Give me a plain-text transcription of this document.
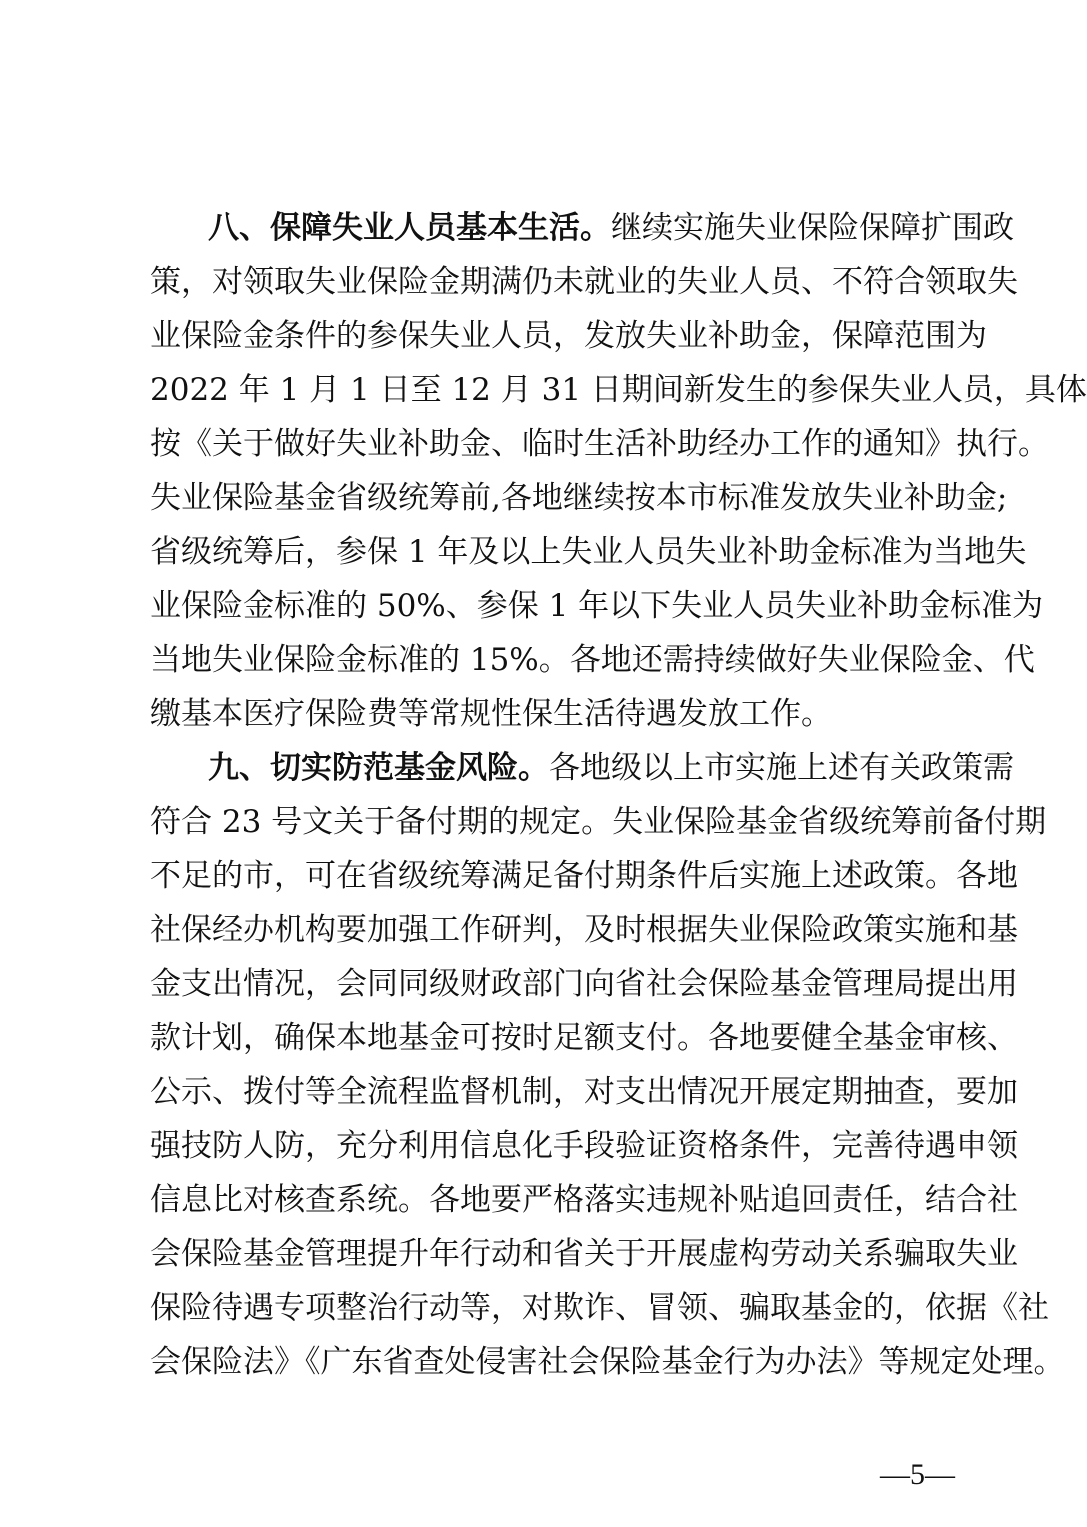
八、保障失业人员基本生活。继续实施失业保险保障扩围政
策，对领取失业保险金期满仍未就业的失业人员、不符合领取失
业保险金条件的参保失业人员，发放失业补助金，保障范围为
2022 年 1 月 1 日至 12 月 31 日期间新发生的参保失业人员，具体
按《关于做好失业补助金、临时生活补助经办工作的通知》执行。
失业保险基金省级统筹前,各地继续按本市标准发放失业补助金;
省级统筹后，参保 1 年及以上失业人员失业补助金标准为当地失
业保险金标准的 50%、参保 1 年以下失业人员失业补助金标准为
当地失业保险金标准的 15%。各地还需持续做好失业保险金、代
缴基本医疗保险费等常规性保生活待遇发放工作。
九、切实防范基金风险。各地级以上市实施上述有关政策需
符合 23 号文关于备付期的规定。失业保险基金省级统筹前备付期
不足的市，可在省级统筹满足备付期条件后实施上述政策。各地
社保经办机构要加强工作研判，及时根据失业保险政策实施和基
金支出情况，会同同级财政部门向省社会保险基金管理局提出用
款计划，确保本地基金可按时足额支付。各地要健全基金审核、
公示、拨付等全流程监督机制，对支出情况开展定期抽查，要加
强技防人防，充分利用信息化手段验证资格条件，完善待遇申领
信息比对核查系统。各地要严格落实违规补贴追回责任，结合社
会保险基金管理提升年行动和省关于开展虚构劳动关系骗取失业
保险待遇专项整治行动等，对欺诈、冒领、骗取基金的，依据《社
会保险法》《广东省查处侵害社会保险基金行为办法》等规定处理。
—5—
